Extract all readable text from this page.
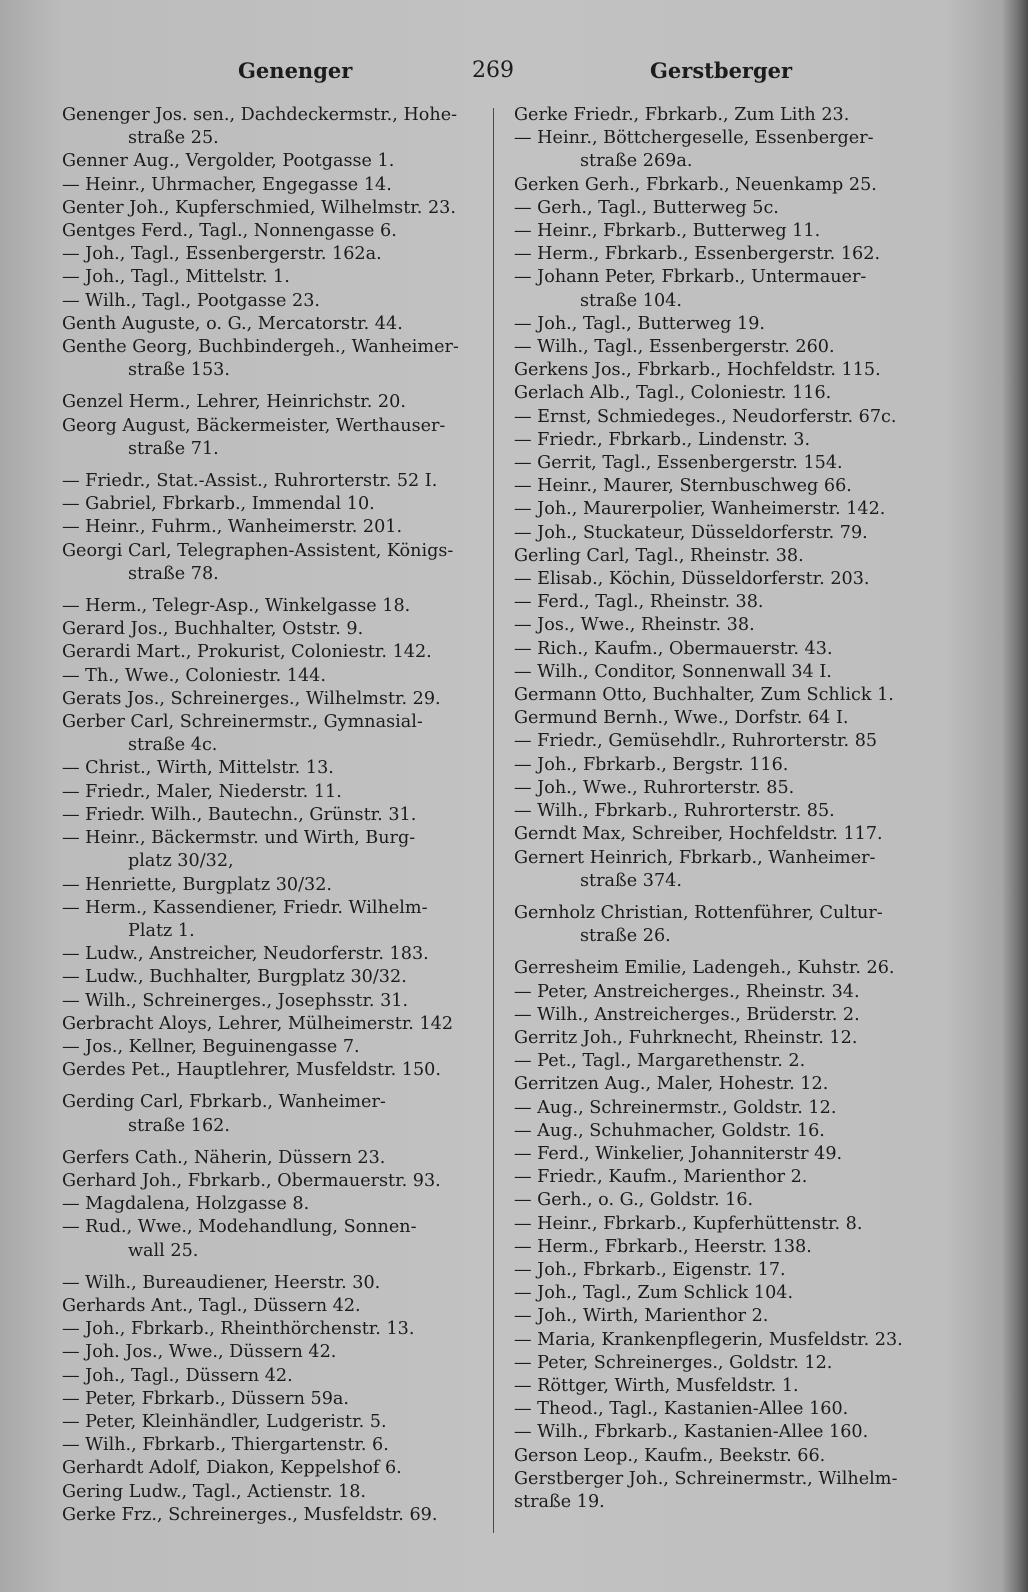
Genenger	269	Gerstberger
Genenger Jos. sen., Dachdeckermstr., Hohe-
straße 25.
Genner Aug., Vergolder, Pootgasse 1.
— Heinr., Uhrmacher, Engegasse 14.
Genter Joh., Kupferschmied, Wilhelmstr. 23.
Gentges Ferd., Tagl., Nonnengasse 6.
— Joh., Tagl., Essenbergerstr. 162a.
— Joh., Tagl., Mittelstr. 1.
— Wilh., Tagl., Pootgasse 23.
Genth Auguste, o. G., Mercatorstr. 44.
Genthe Georg, Buchbindergeh., Wanheimer-
straße 153.
Genzel Herm., Lehrer, Heinrichstr. 20.
Georg August, Bäckermeister, Werthauser-
straße 71.
— Friedr., Stat.-Assist., Ruhrorterstr. 52 I.
— Gabriel, Fbrkarb., Immendal 10.
— Heinr., Fuhrm., Wanheimerstr. 201.
Georgi Carl, Telegraphen-Assistent, Königs-
straße 78.
— Herm., Telegr-Asp., Winkelgasse 18.
Gerard Jos., Buchhalter, Oststr. 9.
Gerardi Mart., Prokurist, Coloniestr. 142.
— Th., Wwe., Coloniestr. 144.
Gerats Jos., Schreinerges., Wilhelmstr. 29.
Gerber Carl, Schreinermstr., Gymnasial-
straße 4c.
— Christ., Wirth, Mittelstr. 13.
— Friedr., Maler, Niederstr. 11.
— Friedr. Wilh., Bautechn., Grünstr. 31.
— Heinr., Bäckermstr. und Wirth, Burg-
platz 30/32,
— Henriette, Burgplatz 30/32.
— Herm., Kassendiener, Friedr. Wilhelm-
Platz 1.
— Ludw., Anstreicher, Neudorferstr. 183.
— Ludw., Buchhalter, Burgplatz 30/32.
— Wilh., Schreinerges., Josephsstr. 31.
Gerbracht Aloys, Lehrer, Mülheimerstr. 142
— Jos., Kellner, Beguinengasse 7.
Gerdes Pet., Hauptlehrer, Musfeldstr. 150.
Gerding Carl, Fbrkarb., Wanheimer-
straße 162.
Gerfers Cath., Näherin, Düssern 23.
Gerhard Joh., Fbrkarb., Obermauerstr. 93.
— Magdalena, Holzgasse 8.
— Rud., Wwe., Modehandlung, Sonnen-
wall 25.
— Wilh., Bureaudiener, Heerstr. 30.
Gerhards Ant., Tagl., Düssern 42.
— Joh., Fbrkarb., Rheinthörchenstr. 13.
— Joh. Jos., Wwe., Düssern 42.
— Joh., Tagl., Düssern 42.
— Peter, Fbrkarb., Düssern 59a.
— Peter, Kleinhändler, Ludgeristr. 5.
— Wilh., Fbrkarb., Thiergartenstr. 6.
Gerhardt Adolf, Diakon, Keppelshof 6.
Gering Ludw., Tagl., Actienstr. 18.
Gerke Frz., Schreinerges., Musfeldstr. 69.
Gerke Friedr., Fbrkarb., Zum Lith 23.
— Heinr., Böttchergeselle, Essenberger-
straße 269a.
Gerken Gerh., Fbrkarb., Neuenkamp 25.
— Gerh., Tagl., Butterweg 5c.
— Heinr., Fbrkarb., Butterweg 11.
— Herm., Fbrkarb., Essenbergerstr. 162.
— Johann Peter, Fbrkarb., Untermauer-
straße 104.
— Joh., Tagl., Butterweg 19.
— Wilh., Tagl., Essenbergerstr. 260.
Gerkens Jos., Fbrkarb., Hochfeldstr. 115.
Gerlach Alb., Tagl., Coloniestr. 116.
— Ernst, Schmiedeges., Neudorferstr. 67c.
— Friedr., Fbrkarb., Lindenstr. 3.
— Gerrit, Tagl., Essenbergerstr. 154.
— Heinr., Maurer, Sternbuschweg 66.
— Joh., Maurerpolier, Wanheimerstr. 142.
— Joh., Stuckateur, Düsseldorferstr. 79.
Gerling Carl, Tagl., Rheinstr. 38.
— Elisab., Köchin, Düsseldorferstr. 203.
— Ferd., Tagl., Rheinstr. 38.
— Jos., Wwe., Rheinstr. 38.
— Rich., Kaufm., Obermauerstr. 43.
— Wilh., Conditor, Sonnenwall 34 I.
Germann Otto, Buchhalter, Zum Schlick 1.
Germund Bernh., Wwe., Dorfstr. 64 I.
— Friedr., Gemüsehdlr., Ruhrorterstr. 85
— Joh., Fbrkarb., Bergstr. 116.
— Joh., Wwe., Ruhrorterstr. 85.
— Wilh., Fbrkarb., Ruhrorterstr. 85.
Gerndt Max, Schreiber, Hochfeldstr. 117.
Gernert Heinrich, Fbrkarb., Wanheimer-
straße 374.
Gernholz Christian, Rottenführer, Cultur-
straße 26.
Gerresheim Emilie, Ladengeh., Kuhstr. 26.
— Peter, Anstreicherges., Rheinstr. 34.
— Wilh., Anstreicherges., Brüderstr. 2.
Gerritz Joh., Fuhrknecht, Rheinstr. 12.
— Pet., Tagl., Margarethenstr. 2.
Gerritzen Aug., Maler, Hohestr. 12.
— Aug., Schreinermstr., Goldstr. 12.
— Aug., Schuhmacher, Goldstr. 16.
— Ferd., Winkelier, Johanniterstr 49.
— Friedr., Kaufm., Marienthor 2.
— Gerh., o. G., Goldstr. 16.
— Heinr., Fbrkarb., Kupferhüttenstr. 8.
— Herm., Fbrkarb., Heerstr. 138.
— Joh., Fbrkarb., Eigenstr. 17.
— Joh., Tagl., Zum Schlick 104.
— Joh., Wirth, Marienthor 2.
— Maria, Krankenpflegerin, Musfeldstr. 23.
— Peter, Schreinerges., Goldstr. 12.
— Röttger, Wirth, Musfeldstr. 1.
— Theod., Tagl., Kastanien-Allee 160.
— Wilh., Fbrkarb., Kastanien-Allee 160.
Gerson Leop., Kaufm., Beekstr. 66.
Gerstberger Joh., Schreinermstr., Wilhelm-
straße 19.
